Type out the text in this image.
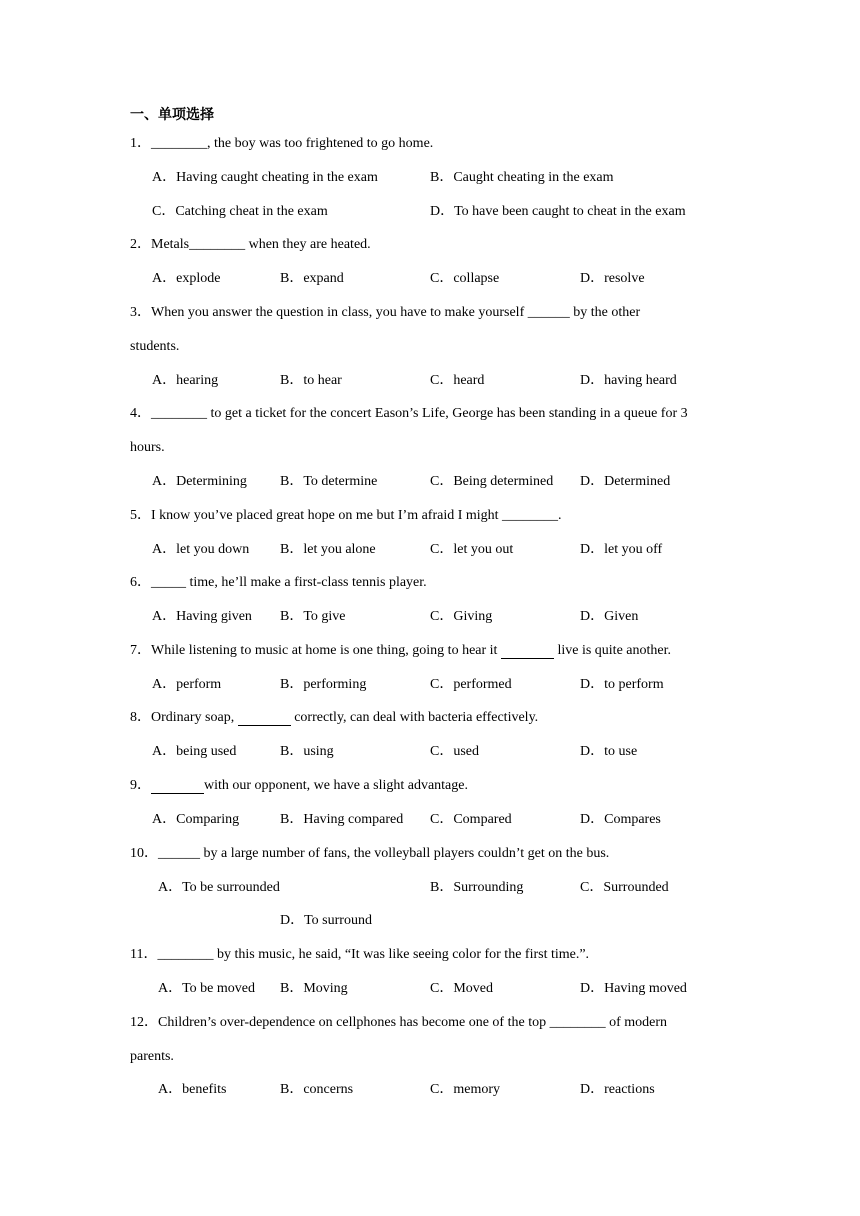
一、单项选择
1．________, the boy was too frightened to go home.
A．Having caught cheating in the exam	B．Caught cheating in the exam
C．Catching cheat in the exam	D．To have been caught to cheat in the exam
2．Metals________ when they are heated.
A．explode	B．expand	C．collapse	D．resolve
3．When you answer the question in class, you have to make yourself ______ by the other
students.
A．hearing	B．to hear	C．heard	D．having heard
4．________ to get a ticket for the concert Eason’s Life, George has been standing in a queue for 3
hours.
A．Determining B．To determine	C．Being determined D．Determined
5．I know you’ve placed great hope on me but I’m afraid I might ________.
A．let you down B．let you alone	C．let you out	D．let you off
6．_____ time, he’ll make a first-class tennis player.
A．Having given B．To give	C．Giving	D．Given
7．While listening to music at home is one thing, going to hear it	live is quite another.
A．perform	B．performing	C．performed	D．to perform
8．Ordinary soap,	correctly, can deal with bacteria effectively.
A．being used	B．using	C．used	D．to use
9．	with our opponent, we have a slight advantage.
A．Comparing	B．Having compared C．Compared	D．Compares
10．______ by a large number of fans, the volleyball players couldn’t get on the bus.
A．To be surrounded	B．Surrounding	C．Surrounded
D．To surround
11．________ by this music, he said, “It was like seeing color for the first time.”.
A．To be moved B．Moving	C．Moved	D．Having moved
12．Children’s over-dependence on cellphones has become one of the top ________ of modern
parents.
A．benefits	B．concerns	C．memory	D．reactions
